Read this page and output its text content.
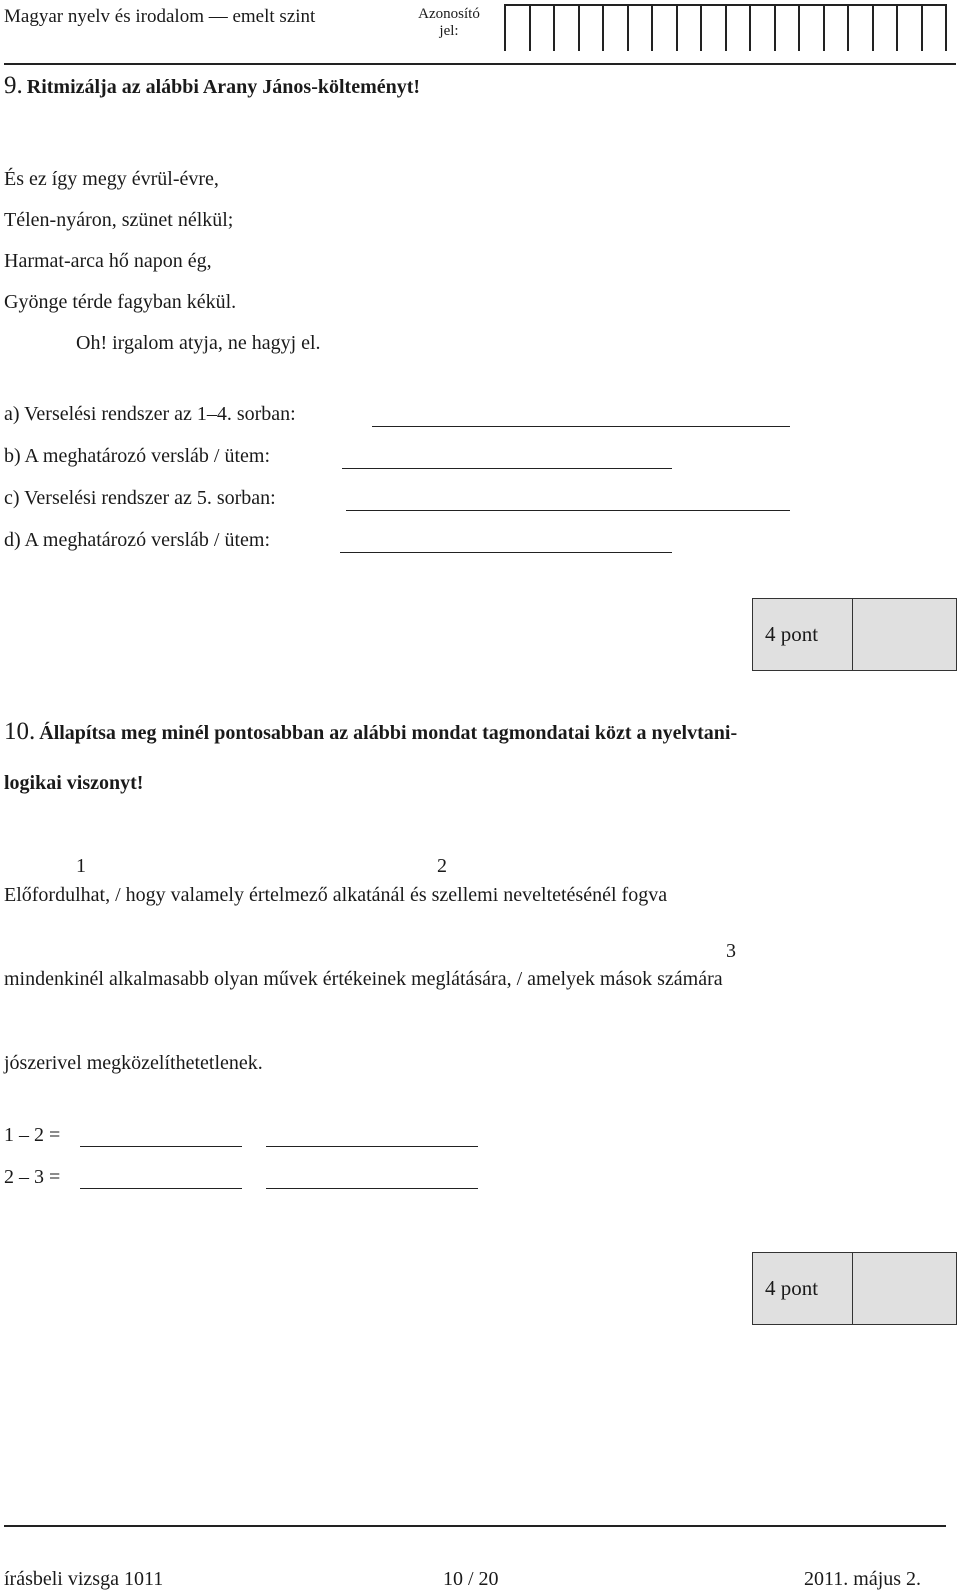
Magyar nyelv és irodalom — emelt szint	Azonosító
jel:
9. Ritmizálja az alábbi Arany János-költeményt!
És ez így megy évrül-évre,
Télen-nyáron, szünet nélkül;
Harmat-arca hő napon ég,
Gyönge térde fagyban kékül.
Oh! irgalom atyja, ne hagyj el.
a) Verselési rendszer az 1–4. sorban:
b) A meghatározó versláb / ütem:
c) Verselési rendszer az 5. sorban:
d) A meghatározó versláb / ütem:
4 pont
10. Állapítsa meg minél pontosabban az alábbi mondat tagmondatai közt a nyelvtani-
logikai viszonyt!
1	2
Előfordulhat, / hogy valamely értelmező alkatánál és szellemi neveltetésénél fogva
3
mindenkinél alkalmasabb olyan művek értékeinek meglátására, / amelyek mások számára
jószerivel megközelíthetetlenek.
1 – 2 =
2 – 3 =
4 pont
írásbeli vizsga 1011	10 / 20	2011. május 2.
